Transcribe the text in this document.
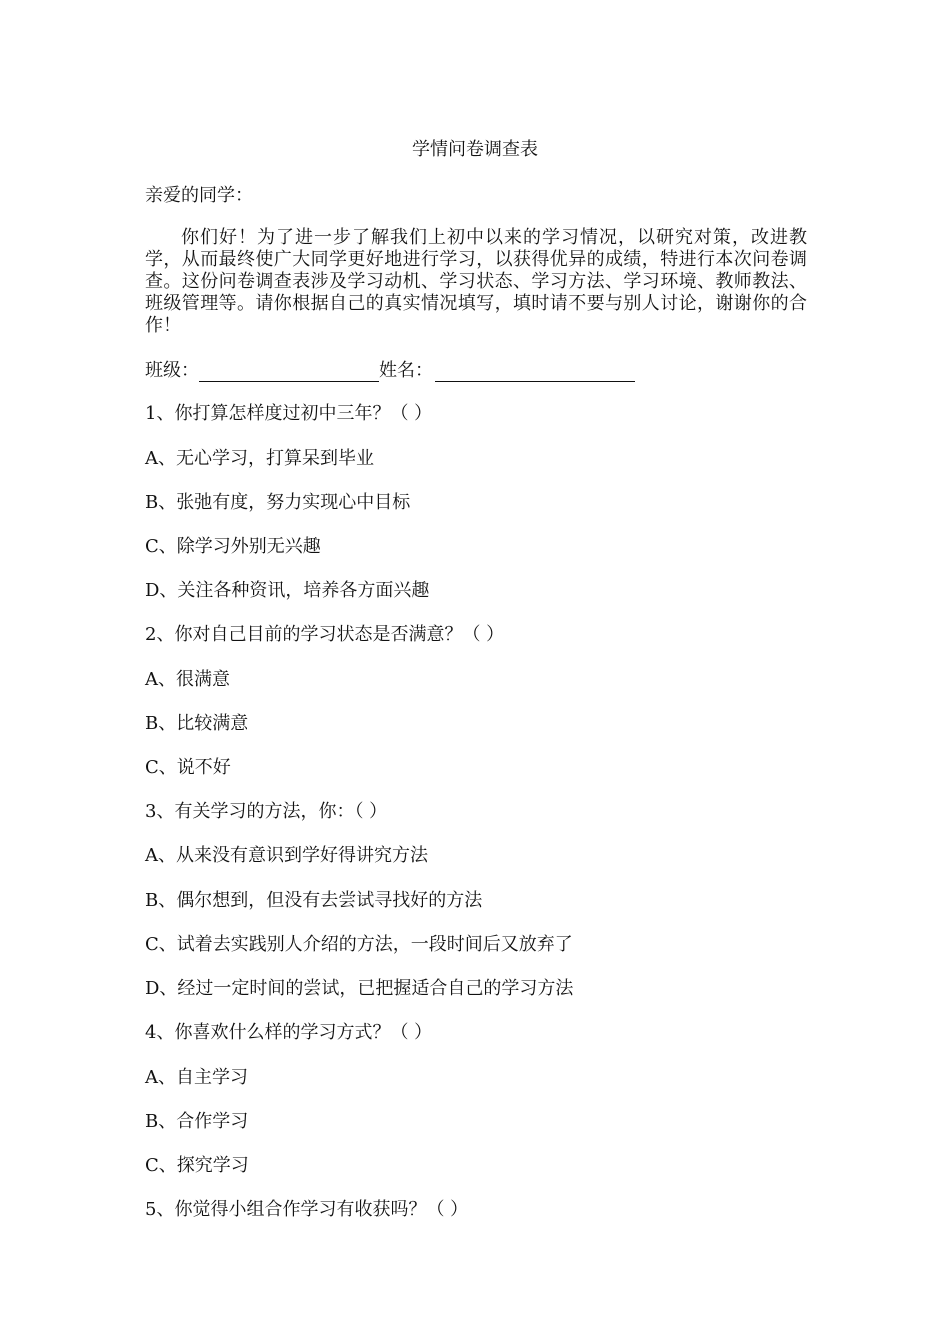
学情问卷调查表
亲爱的同学：

你们好！为了进一步了解我们上初中以来的学习情况，以研究对策，改进教学，从而最终使广大同学更好地进行学习，以获得优异的成绩，特进行本次问卷调查。这份问卷调查表涉及学习动机、学习状态、学习方法、学习环境、教师教法、班级管理等。请你根据自己的真实情况填写，填时请不要与别人讨论，谢谢你的合作！

班级：	姓名：
1、你打算怎样度过初中三年？（ ）
A、无心学习，打算呆到毕业
B、张弛有度，努力实现心中目标
C、除学习外别无兴趣
D、关注各种资讯，培养各方面兴趣
2、你对自己目前的学习状态是否满意？（ ）
A、很满意
B、比较满意
C、说不好
3、有关学习的方法，你：（ ）
A、从来没有意识到学好得讲究方法
B、偶尔想到，但没有去尝试寻找好的方法
C、试着去实践别人介绍的方法，一段时间后又放弃了
D、经过一定时间的尝试，已把握适合自己的学习方法
4、你喜欢什么样的学习方式？（ ）
A、自主学习
B、合作学习
C、探究学习
5、你觉得小组合作学习有收获吗？（ ）
